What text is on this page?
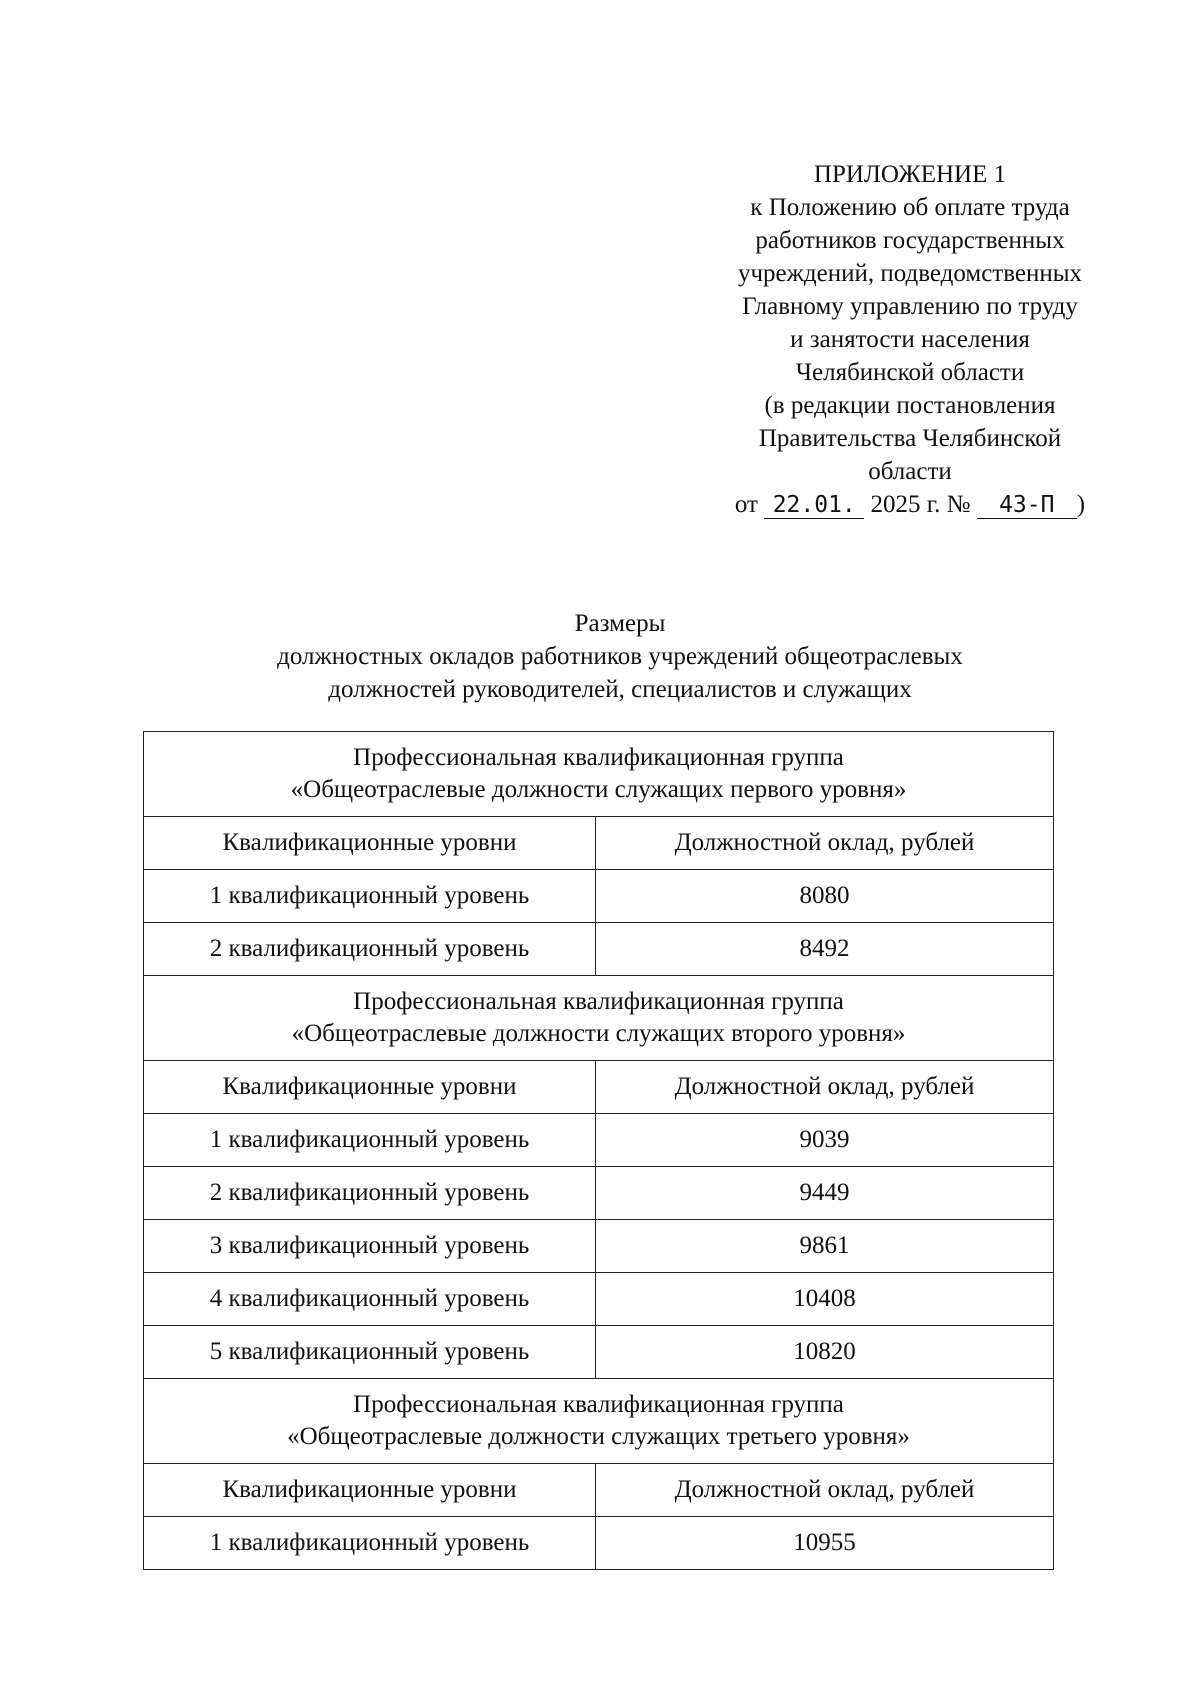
ПРИЛОЖЕНИЕ 1
к Положению об оплате труда
работников государственных
учреждений, подведомственных
Главному управлению по труду
и занятости населения
Челябинской области
(в редакции постановления
Правительства Челябинской
области
от 22.01. 2025 г. № 43-П )
Размеры
должностных окладов работников учреждений общеотраслевых
должностей руководителей, специалистов и служащих
Профессиональная квалификационная группа
«Общеотраслевые должности служащих первого уровня»	

Квалификационные уровни	Должностной оклад, рублей
1 квалификационный уровень	8080
2 квалификационный уровень	8492

Профессиональная квалификационная группа
«Общеотраслевые должности служащих второго уровня»	

Квалификационные уровни	Должностной оклад, рублей
1 квалификационный уровень	9039
2 квалификационный уровень	9449
3 квалификационный уровень	9861
4 квалификационный уровень	10408
5 квалификационный уровень	10820

Профессиональная квалификационная группа
«Общеотраслевые должности служащих третьего уровня»	

Квалификационные уровни	Должностной оклад, рублей
1 квалификационный уровень	10955
